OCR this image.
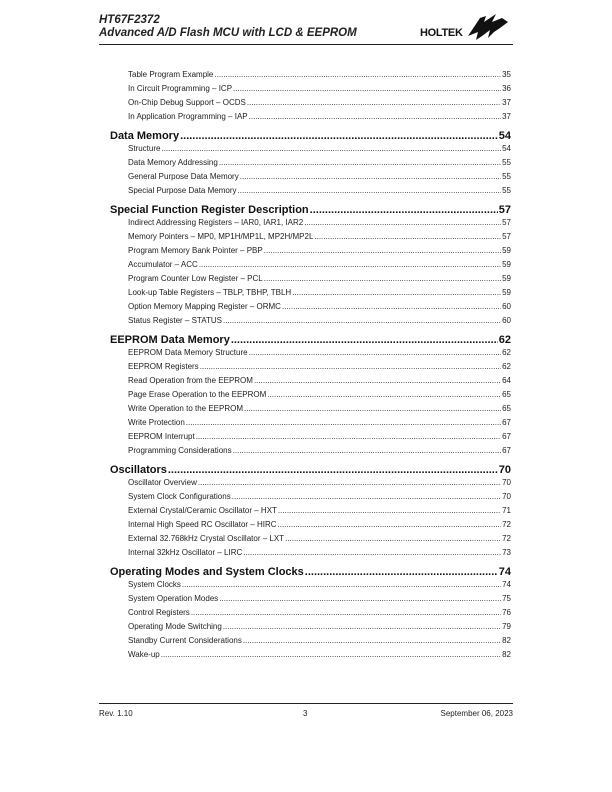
HT67F2372
Advanced A/D Flash MCU with LCD & EEPROM	HOLTEK
Table Program Example .....	35
In Circuit Programming – ICP .....	36
On-Chip Debug Support – OCDS .....	37
In Application Programming – IAP .....	37
Data Memory .....	54
Structure .....	54
Data Memory Addressing .....	55
General Purpose Data Memory .....	55
Special Purpose Data Memory .....	55
Special Function Register Description .....	57
Indirect Addressing Registers – IAR0, IAR1, IAR2 .....	57
Memory Pointers – MP0, MP1H/MP1L, MP2H/MP2L .....	57
Program Memory Bank Pointer – PBP .....	59
Accumulator – ACC .....	59
Program Counter Low Register – PCL .....	59
Look-up Table Registers – TBLP, TBHP, TBLH .....	59
Option Memory Mapping Register – ORMC .....	60
Status Register – STATUS .....	60
EEPROM Data Memory .....	62
EEPROM Data Memory Structure .....	62
EEPROM Registers .....	62
Read Operation from the EEPROM .....	64
Page Erase Operation to the EEPROM .....	65
Write Operation to the EEPROM .....	65
Write Protection .....	67
EEPROM Interrupt .....	67
Programming Considerations .....	67
Oscillators .....	70
Oscillator Overview .....	70
System Clock Configurations .....	70
External Crystal/Ceramic Oscillator – HXT .....	71
Internal High Speed RC Oscillator – HIRC .....	72
External 32.768kHz Crystal Oscillator – LXT .....	72
Internal 32kHz Oscillator – LIRC .....	73
Operating Modes and System Clocks .....	74
System Clocks .....	74
System Operation Modes .....	75
Control Registers .....	76
Operating Mode Switching .....	79
Standby Current Considerations .....	82
Wake-up .....	82
Rev. 1.10	3	September 06, 2023
